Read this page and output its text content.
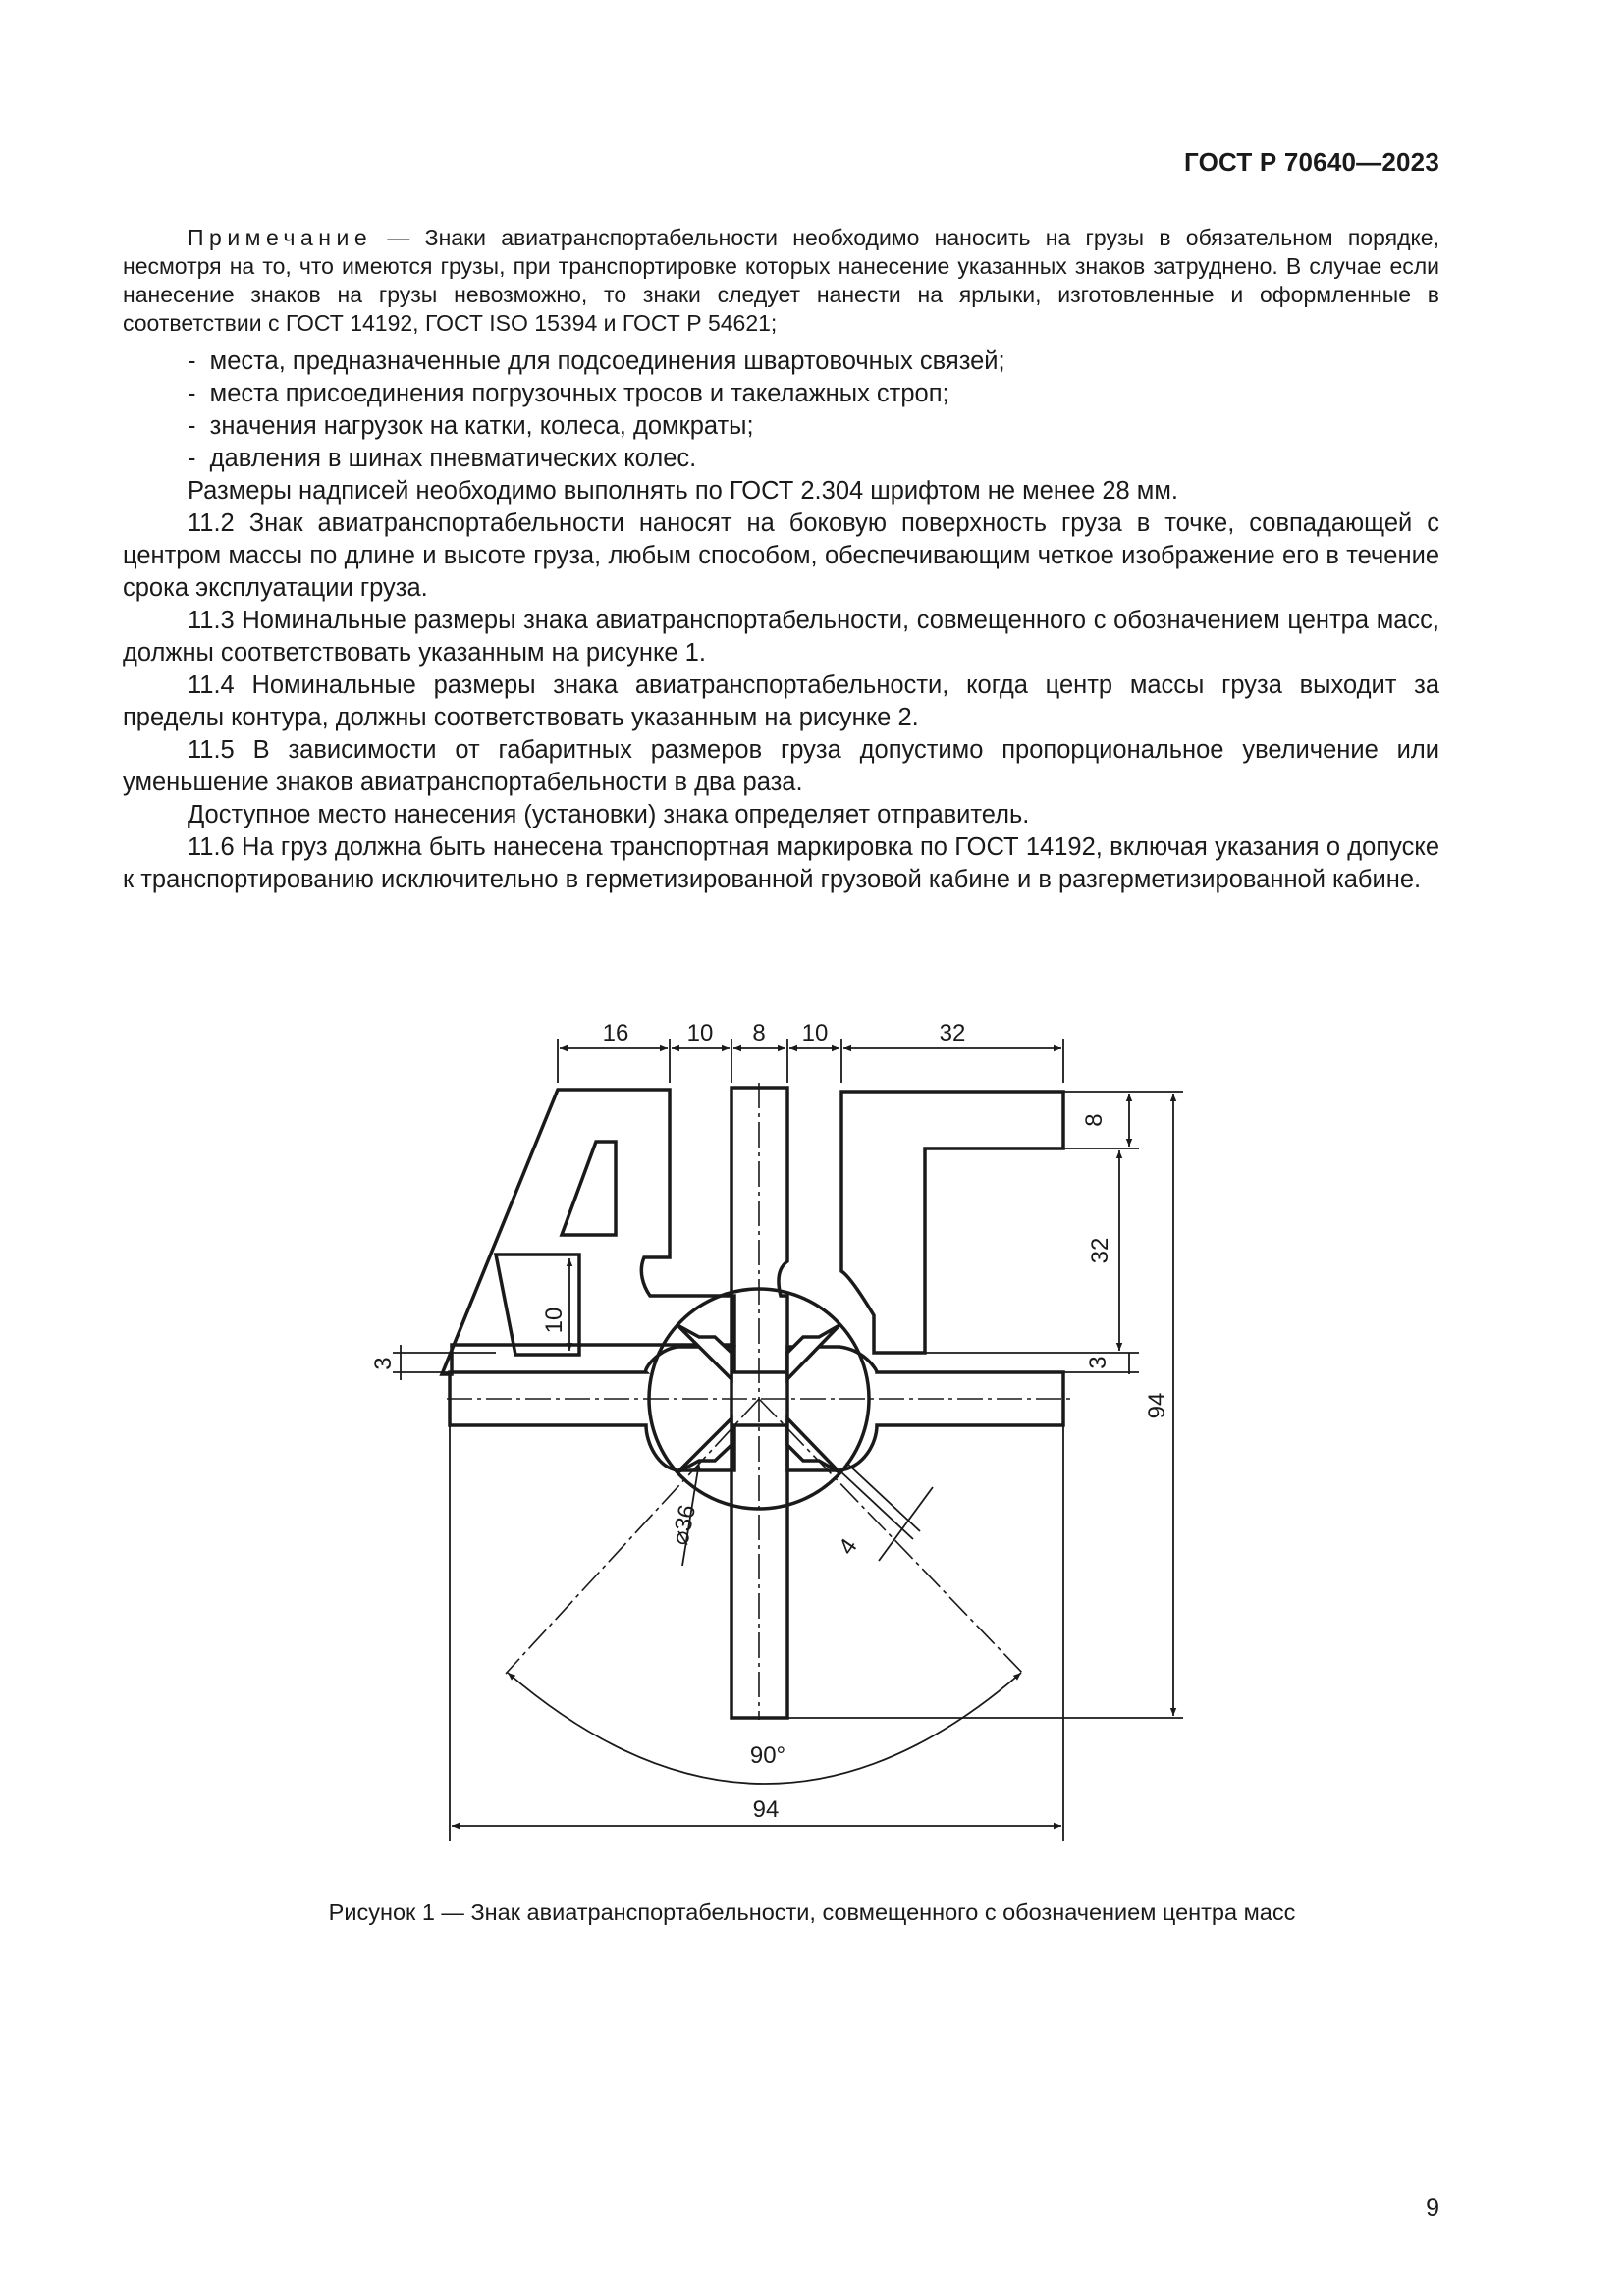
ГОСТ Р 70640—2023

Примечание — Знаки авиатранспортабельности необходимо наносить на грузы в обязательном порядке, несмотря на то, что имеются грузы, при транспортировке которых нанесение указанных знаков затруднено. В случае если нанесение знаков на грузы невозможно, то знаки следует нанести на ярлыки, изготовленные и оформленные в соответствии с ГОСТ 14192, ГОСТ ISO 15394 и ГОСТ Р 54621;

-  места, предназначенные для подсоединения швартовочных связей;
-  места присоединения погрузочных тросов и такелажных строп;
-  значения нагрузок на катки, колеса, домкраты;
-  давления в шинах пневматических колес.

Размеры надписей необходимо выполнять по ГОСТ 2.304 шрифтом не менее 28 мм.

11.2 Знак авиатранспортабельности наносят на боковую поверхность груза в точке, совпадающей с центром массы по длине и высоте груза, любым способом, обеспечивающим четкое изображение его в течение срока эксплуатации груза.

11.3 Номинальные размеры знака авиатранспортабельности, совмещенного с обозначением центра масс, должны соответствовать указанным на рисунке 1.

11.4 Номинальные размеры знака авиатранспортабельности, когда центр массы груза выходит за пределы контура, должны соответствовать указанным на рисунке 2.

11.5 В зависимости от габаритных размеров груза допустимо пропорциональное увеличение или уменьшение знаков авиатранспортабельности в два раза.

Доступное место нанесения (установки) знака определяет отправитель.

11.6 На груз должна быть нанесена транспортная маркировка по ГОСТ 14192, включая указания о допуске к транспортированию исключительно в герметизированной грузовой кабине и в разгерметизированной кабине.

16 10 8 10	32
8
32
3
94
3
10
⌀36	4
90°
94
Рисунок 1 — Знак авиатранспортабельности, совмещенного с обозначением центра масс
9
